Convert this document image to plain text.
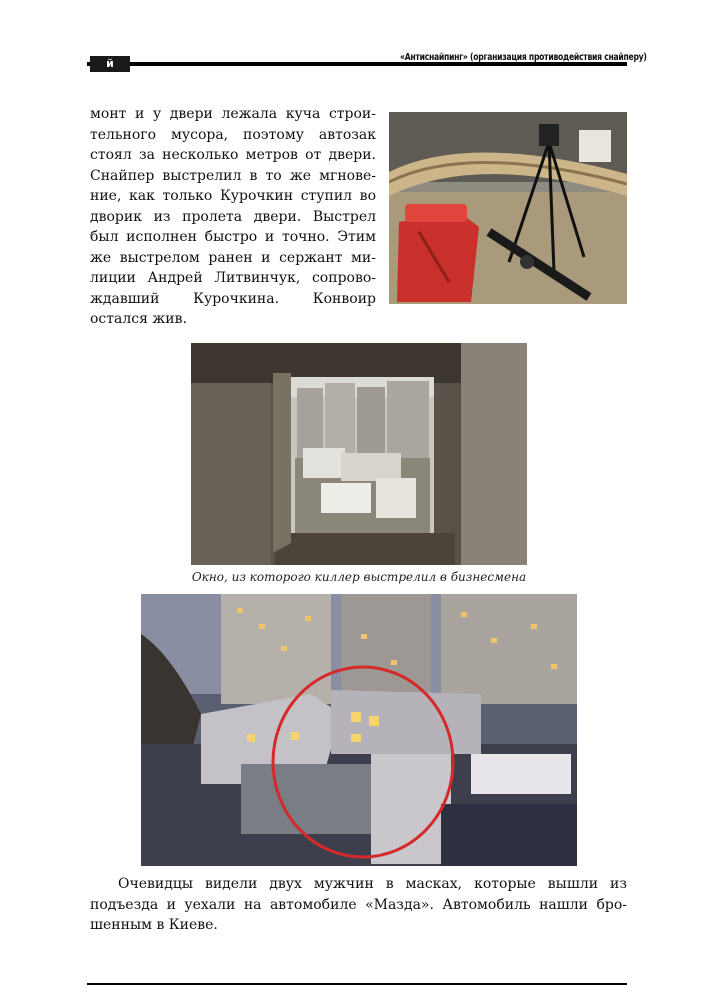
й	«Антиснайпинг» (организация противодействия снайперу)
монт и у двери лежала куча строи-
тельного мусора, поэтому автозак
стоял за несколько метров от двери.
Снайпер выстрелил в то же мгнове-
ние, как только Курочкин ступил во
дворик из пролета двери. Выстрел
был исполнен быстро и точно. Этим
же выстрелом ранен и сержант ми-
лиции Андрей Литвинчук, сопрово-
ждавший Курочкина. Конвоир
остался жив.
Окно, из которого киллер выстрелил в бизнесмена
Очевидцы видели двух мужчин в масках, которые вышли из
подъезда и уехали на автомобиле «Мазда». Автомобиль нашли бро-
шенным в Киеве.
